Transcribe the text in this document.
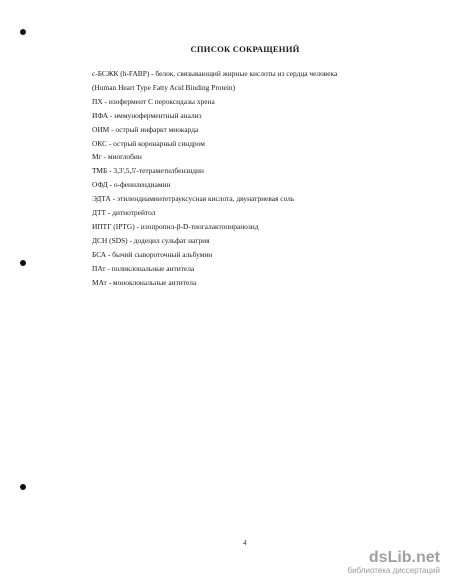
СПИСОК СОКРАЩЕНИЙ
с-БСЖК (h-FABP) - белок, связывающий жирные кислоты из сердца человека
(Human Heart Type Fatty Acid Binding Protein)
ПХ - изофермент С пероксидазы хрена
ИФА - иммуноферментный анализ
ОИМ - острый инфаркт миокарда
ОКС - острый коронарный синдром
Мг - миоглобин
ТМБ - 3,3',5,5'-тетраметилбензидин
ОФД - о-фенилендиамин
ЭДТА - этилендиаминтетрауксусная кислота, двунатриевая соль
ДТТ - дитиотрейтол
ИПТГ (IPTG) - изопропил-β-D-тиогалактопиранозид
ДСН (SDS) - додецил сульфат натрия
БСА - бычий сывороточный альбумин
ПАт - поликлональные антитела
МАт - моноклональные антитела
4
dsLib.net
библиотека диссертаций
